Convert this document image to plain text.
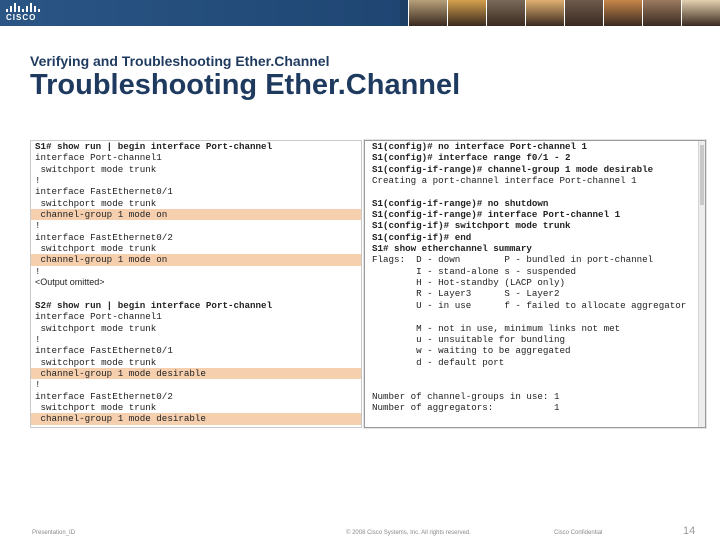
CISCO
Verifying and Troubleshooting Ether.Channel
Troubleshooting Ether.Channel
S1# show run | begin interface Port-channel
interface Port-channel1
switchport mode trunk
!
interface FastEthernet0/1
switchport mode trunk
channel-group 1 mode on
!
interface FastEthernet0/2
switchport mode trunk
channel-group 1 mode on
!
<Output omitted>
S2# show run | begin interface Port-channel
interface Port-channel1
switchport mode trunk
!
interface FastEthernet0/1
switchport mode trunk
channel-group 1 mode desirable
!
interface FastEthernet0/2
switchport mode trunk
channel-group 1 mode desirable
S1(config)# no interface Port-channel 1
S1(config)# interface range f0/1 - 2
S1(config-if-range)# channel-group 1 mode desirable
Creating a port-channel interface Port-channel 1
S1(config-if-range)# no shutdown
S1(config-if-range)# interface Port-channel 1
S1(config-if)# switchport mode trunk
S1(config-if)# end
S1# show etherchannel summary
Flags:  D - down        P - bundled in port-channel
I - stand-alone s - suspended
H - Hot-standby (LACP only)
R - Layer3      S - Layer2
U - in use      f - failed to allocate aggregator
M - not in use, minimum links not met
u - unsuitable for bundling
w - waiting to be aggregated
d - default port
Number of channel-groups in use: 1
Number of aggregators:           1
Presentation_ID	© 2008 Cisco Systems, Inc. All rights reserved.	Cisco Confidential	14
